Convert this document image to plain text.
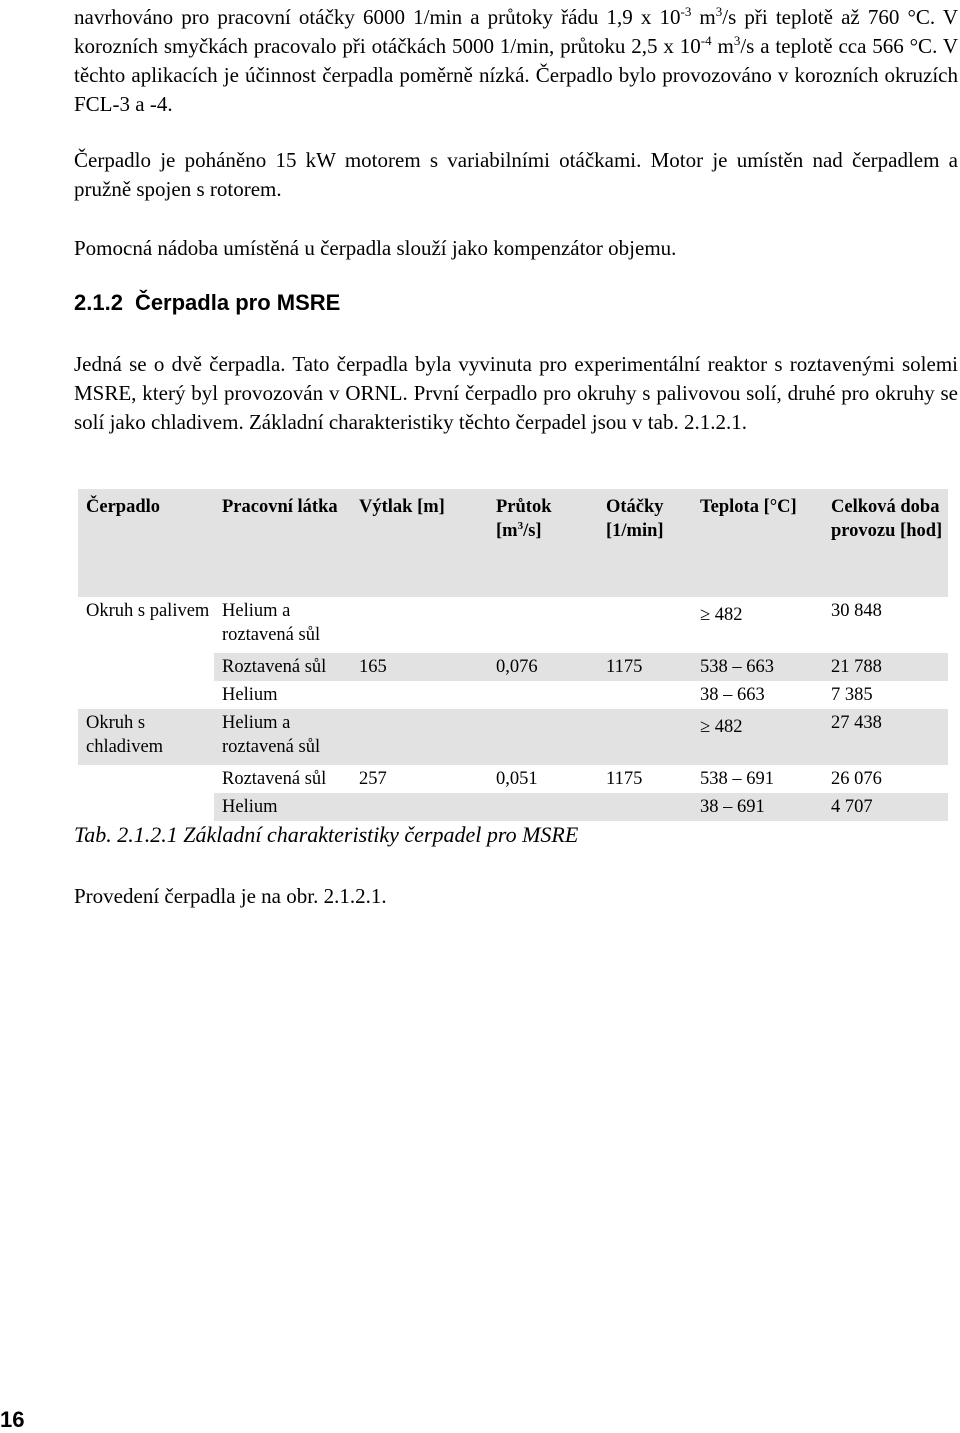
navrhováno pro pracovní otáčky 6000 1/min a průtoky řádu 1,9 x $10^{-3}$ $m^3/s$ při teplotě až 760 °C. V korozních smyčkách pracovalo při otáčkách 5000 1/min, průtoku 2,5 x $10^{-4}$ $m^3/s$ a teplotě cca 566 °C. V těchto aplikacích je účinnost čerpadla poměrně nízká. Čerpadlo bylo provozováno v korozních okruzích FCL-3 a -4.

Čerpadlo je poháněno 15 kW motorem s variabilními otáčkami. Motor je umístěn nad čerpadlem a pružně spojen s rotorem.

Pomocná nádoba umístěná u čerpadla slouží jako kompenzátor objemu.

2.1.2 Čerpadla pro MSRE

Jedná se o dvě čerpadla. Tato čerpadla byla vyvinuta pro experimentální reaktor s roztavenými solemi MSRE, který byl provozován v ORNL. První čerpadlo pro okruhy s palivovou solí, druhé pro okruhy se solí jako chladivem. Základní charakteristiky těchto čerpadel jsou v tab. 2.1.2.1.

Čerpadlo	Pracovní látka	Výtlak [m]	Průtok $[m^3/s]$	Otáčky [1/min]	Teplota [°C]	Celková doba provozu [hod]
Okruh s palivem	Helium a roztavená sůl				≥ 482	30 848
	Roztavená sůl	165	0,076	1175	538 – 663	21 788
	Helium				38 – 663	7 385
Okruh s chladivem	Helium a roztavená sůl				≥ 482	27 438
	Roztavená sůl	257	0,051	1175	538 – 691	26 076
	Helium				38 – 691	4 707

Tab. 2.1.2.1 Základní charakteristiky čerpadel pro MSRE

Provedení čerpadla je na obr. 2.1.2.1.

16
